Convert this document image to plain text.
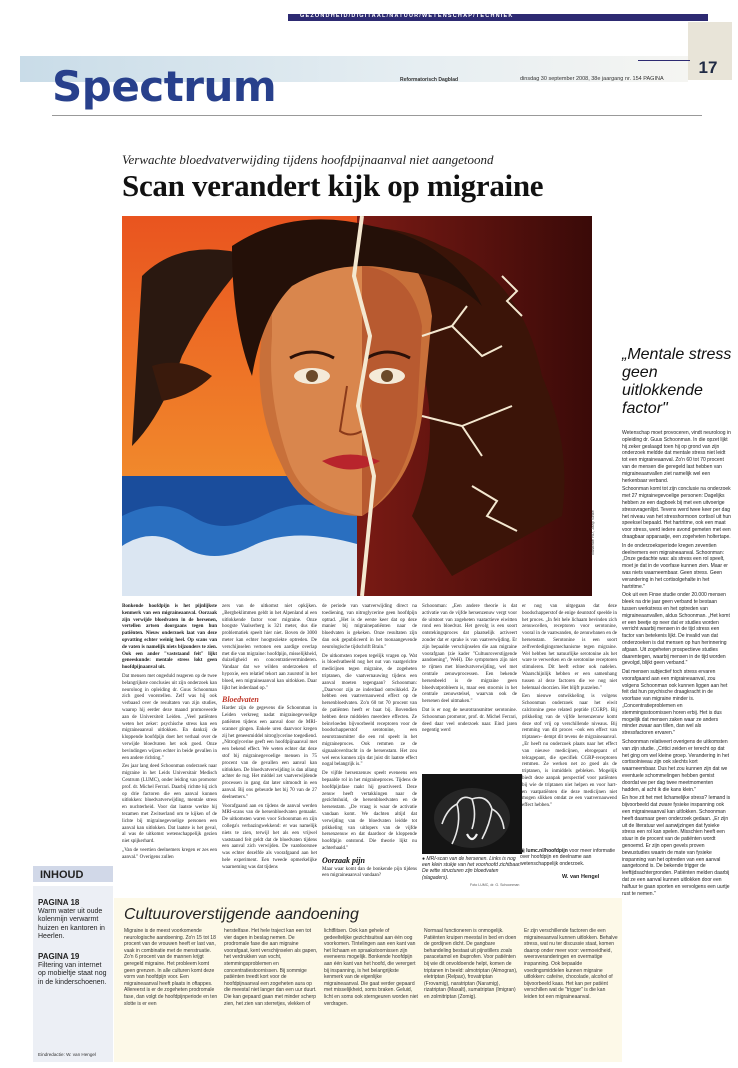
GEZONDHEID/DIGITAAL/NATUUR/WETENSCHAP/TECHNIEK
Spectrum	Reformatorisch Dagblad	dinsdag 30 september 2008, 38e jaargang nr. 154 PAGINA
17
Verwachte bloedvatverwijding tijdens hoofdpijnaanval niet aangetoond
Scan verandert kijk op migraine
Illustratie RD, Jaap Sinke
„Mentale stress geen uitlokkende factor"

Wetenschap moet provoceren, vindt neuroloog in opleiding dr. Guus Schoonman. In die opzet lijkt hij zeker geslaagd toen hij op grond van zijn onderzoek meldde dat mentale stress niet leidt tot een migraineaanval. Zo'n 60 tot 70 procent van de mensen die geregeld last hebben van migraineaanvallen ziet namelijk wel een herkenbaar verband.

Schoonman komt tot zijn conclusie na onderzoek met 27 migrainegevoelige personen: Dagelijks hebben ze een dagboek bij met een uitvoerige stressvragenlijst. Tevens werd twee keer per dag het niveau van het stresshormoon cortisol uit hun speeksel bepaald. Het hartritme, ook een maat voor stress, werd iedere avond gemeten met een draagbaar apparaatje, een zogeheten holtertape.

In de onderzoeksperiode kregen zeventien deelnemers een migraineaanval. Schoonman: „Onze gedachte was: als stress een rol speelt, moet je dat in de voorfase kunnen zien. Maar er was niets waarneembaar. Geen stress. Geen verandering in het cortisolgehalte in het hartritme."

Ook uit een Finse studie onder 20.000 mensen bleek na drie jaar geen verband te bestaan tussen werkstress en het optreden van migraineaanvallen, aldus Schoonman. „Het komt er een beetje op neer dat er studies worden verricht waarbij mensen in de tijd stress een factor van betekenis lijkt. De invalid van dat onderzoeken is dat mensen op hun herinnering afgaan. Uit zogeheten prospectieve studies daarentegen, waarbij mensen in de tijd worden gevolgd, blijkt geen verband."

Dat mensen subjectief toch stress ervaren voorafgaand aan een migraineaanval, zou volgens Schoonman ook kunnen liggen aan het feit dat hun psychische draagkracht in de voorfase van migraine minder is. „Concentratieproblemen en stemmingsstoornissen horen erbij. Het is dus mogelijk dat mensen zaken waar ze anders minder zwaar aan tillen, dan wel als stressfactoren ervaren."

Schoonman relativeert overigens de uitkomsten van zijn studie. „Critici zeiden er terecht op dat het ging om wel kleine groep. Verandering in het cortisolniveau zijn ook slechts kort waarneembaar. Dus het zou kunnen zijn dat we eventuele schommelingen hebben gemist doordat we per dag twee meetmomenten hadden, al acht ik die kans klein."

En hoe zit het met lichamelijke stress? Iemand is bijvoorbeeld dat zware fysieke inspanning ook een migraineaanval kan uitlokken. Schoonman heeft daarnaar geen onderzoek gedaan. „Er zijn uit de literatuur wel aanwijzingen dat fysieke stress een rol kan spelen. Misschien heeft een stuur in de procent van de patiënten wordt genoemd. Er zijn open gevels proven bewustudies waarin de mate van fysieke inspanning van het optreden van een aanval aangetoond is. De bekende trigger de leeftijdsachtergronden. Patiënten melden daarbij dat ze een aanval kunnen uitlokken door een halfuur te gaan sporten en vervolgens een uurtje rust te nemen."

Bonkende hoofdpijn is het pijnlijkste kenmerk van een migraineaanval. Oorzaak zijn verwijde bloedvaten in de hersenen, vertellen artsen doorgaans tegen hun patiënten. Nieuw onderzoek laat van deze opvatting echter weinig heel. Op scans van de vaten is namelijk niets bijzonders te zien. Ook een ander "vaststaand feit" lijkt geneeskunde: mentale stress lokt geen hoofdpijnaanval uit.

Dat mensen met ongeduld reageren op de twee belangrijkste conclusies uit zijn onderzoek kan neuroloog in opleiding dr. Guus Schoonman zich goed voorstellen. Zelf was hij ook verbaasd over de resultaten van zijn studies, waarop hij eerder deze maand promoveerde aan de Universiteit Leiden. „Veel patiënten weten het zeker: psychische stress kan een migraineaanval uitlokken. En dankzij de kloppende hoofdpijn doet het verhaal over de verwijde bloedvaten het ook goed. Onze bevindingen wijzen echter in beide gevallen in een andere richting."

Zes jaar lang deed Schoonman onderzoek naar migraine in het Leids Universitair Medisch Centrum (LUMC), onder leiding van promotor prof. dr. Michel Ferrari. Daarbij richtte hij zich op drie factoren die een aanval kunnen uitlokken: bloedvatverwijding, mentale stress en nuchterheid. Voor dat laatste werkte hij tezamen met Zwitserland om te kijken of de lichte bij migrainegevoelige personen een aanval kan uitlokken. Dat laatste is het geval, al was de uitkomst wetenschappelijk gezien niet spijkerhard.

„Van de veertien deelnemers kregen er zes een aanval." Overigens zullen

zers van de uitkomst niet opkijken. „Bergbeklimmen geldt in het Alpenland al een uitlokkende factor voor migraine. Onze hoogste Vaalserberg is 321 meter, dus die problematiek speelt hier niet. Boven de 3000 meter kan echter hoogteziekte optreden. De verschijnselen vertonen een aardige overlap met die van migraine: hoofdpijn, misselijkheid, duizeligheid en concentratieverminderen. Vandaar dat we wilden onderzoeken of hypoxie, een relatief tekort aan zuurstof in het bloed, een migraineaanval kan uitlokken. Daar lijkt het inderdaad op."

Bloedvaten

Harder zijn de gegevens die Schoonman in Leiden verkreeg nadat migrainegevoelige patiënten tijdens een aanval door de MRI-scanner gingen. Enkele uren daarvoor kregen zij het geneesmiddel nitroglycerine toegediend. „Nitroglycerine geeft een hoofdpijnaanval met een bekend effect. We weten echter dat deze stof bij migrainegevoelige mensen in 75 procent van de gevallen een aanval kan uitlokken. De bloedvatverwijding is dan allang achter de rug. Het middel zet vaatverwijdende processen in gang dat later uitmondt in een aanval. Bij ons gebeurde het bij 70 van de 27 deelnemers."

Voorafgaand aan en tijdens de aanval werden MRI-scans van de hersenbloedvaten gemaakt. De uitkomsten waren voor Schoonman en zijn collega's verbazingwekkend: er was namelijk niets te zien, terwijl het als een vrijwel vaststaand feit geldt dat de bloedvaten tijdens een aanval zich verwijden. De vaatdoorsnee was echter dezelfde als voorafgaand aan het hele experiment. Een tweede opmerkelijke waarneming was dat tijdens

de periode van vaatverwijding direct na toediening, van nitroglycerine geen hoofdpijn optrad. „Het is de eerste keer dat op deze manier bij migrainepatiënten naar de bloedvaten is gekeken. Onze resultaten zijn dan ook gepubliceerd in het toonaangevende neurologische tijdschrift Brain."

De uitkomsten roepen tegelijk vragen op. Wat is bloedvatbeeld nog het nut van vaatgerichte medicijnen tegen migraine, de zogeheten triptanen, die vaatvernauwing tijdens een aanval moeten tegengaan? Schoonman: „Daarvoor zijn ze inderdaad ontwikkeld. Ze hebben een vaatvernauwend effect op de hersenbloedvaten. Zo'n 60 tot 70 procent van de patiënten heeft er baat bij. Bovendien hebben deze middelen meerdere effecten. Ze beïnvloeden bijvoorbeeld receptoren voor de boodschapperstof serotonine, een neurotransmitter die een rol speelt in het migraineproces. Ook remmen ze de signaaloverdracht in de hersenstam. Het zou wel eens kunnen zijn dat juist dit laatste effect nogal belangrijk is."

De vijfde hersenzenuw speelt eveneens een bepaalde rol in het migraineproces. Tijdens de hoofdpijnfase raakt hij geactiveerd. Deze zenuw heeft vertakkingen naar de gezichtshuid, de hersenbloedvaten en de hersenstam. „De vraag is waar de activatie vandaan komt. We dachten altijd dat verwijding van de bloedvaten leidde tot prikkeling van uitlopers van de vijfde hersenzenuw en dat daardoor de kloppende hoofdpijn ontstond. Die theorie lijkt nu achterhaald."

Oorzaak pijn

Maar waar komt dan de bonkende pijn tijdens een migraineaanval vandaan?

Schoonman: „Een andere theorie is dat activatie van de vijfde hersenzenuw vergt voor de uitstoot van zogeheten vaatactieve eiwitten rond een bloedvat. Het gevolg is een soort ontstekingsproces dat plaatselijk activeert zonder dat er sprake is van vaatverwijding. Er zijn bepaalde verschijnselen die aan migraine voorafgaan (zie kader "Cultuuroverstijgende aandoening", WeH). Die symptomen zijn niet te rijmen met bloedvatverwijding, wel met centrale zenuwprocessen. Een bekende hersenbeeld is de migraine geen bloedvatprobleem is, maar een stoornis in het centrale zenuwstelsel, waarvan ook de hersenen deel uitmaken."

Dat is er nog de neurotransmitter serotonine. Schoonman promotor, prof. dr. Michel Ferrari, deed daar veel onderzoek naar. Eind jaren negentig werd

er nog van uitgegaan dat deze boodschapperstof de enige deuntstof speelde in het proces. „In feit hele lichaam bevinden zich zenuwcellen, receptoren voor serotonine, vooral in de vaatwanden, de zenuwbanen en de hersenstam. Serotonine is een soort zelfverdedigingsmechanisme tegen migraine. Wel hebben het natuurlijke serotonine als het ware te verwerken en de serotonine receptoren stimuleren. Dit heeft echter ook nadelen. Waarschijnlijk hebben er een samenhang tussen al deze factoren die we nog niet helemaal doorzien. Het blijft puzzelen."

Een nieuwe ontwikkeling is volgens Schoonman onderzoek naar het eiwit calcitonine gene related peptide (CGRP). Bij prikkeling van de vijfde hersenzenuw komt deze stof vrij op verschillende niveaus. Bij remming van dit proces –ook een effect van triptanen– dempt dit tevens de migraineaanval. „Er heeft nu onderzoek plaats naar het effect van nieuwe medicijnen, ebrogepant of telcagepant, die specifiek CGRP-receptoren remmen. Ze werken net zo goed als de triptanen, is inmiddels gebleken. Mogelijk biedt deze aanpak perspectief voor patiënten bij wie de triptanen niet helpen en voor hart- en vaatpatiënten die deze medicijnen niet mogen slikken omdat ze een vaatvernauwend effect hebben."

● MRI-scan van de hersenen. Links is nog een klein stukje van het voorhoofd zichtbaar. De witte structuren zijn bloedvaten (slagaders).
Foto LUMC, dr. G. Schoonman
▣ lumc.nl/hoofdpijn voor meer informatie over hoofdpijn en deelname aan wetenschappelijk onderzoek.
W. van Hengel
INHOUD
PAGINA 18
Warm water uit oude kolenmijn verwarmt huizen en kantoren in Heerlen.
PAGINA 19
Filtering van internet op mobieltje staat nog in de kinderschoenen.
Eindredactie: W. van Hengel
Cultuuroverstijgende aandoening
Migraine is de meest voorkomende neurologische aandoening. Zo'n 15 tot 18 procent van de vrouwen heeft er last van, vaak in combinatie met de menstruatie. Zo'n 6 procent van de mannen krijgt geregeld migraine. Het probleem komt geen grenzen. In alle culturen komt deze vorm van hoofdpijn voor. Een migraineaanval heeft plaats in oftappes. Allereerst is er de zogeheten prodromale fase, dan volgt de hoofdpijnperiode en ten slotte is er een
herstelfase. Het hele traject kan een tot vier dagen in beslag nemen. De prodromale fase die aan migraine voorafgaat, kent verschijnselen als gapen, het verdrukken van vocht, stemmingsproblemen en concentratiestoornissen. Bij sommige patiënten treedt kort voor de hoofdpijnaanval een zogeheten aura op die meestal niet langer dan een uur duurt. Die kan gepaard gaan met minder scherp zien, het zien van sterretjes, vlekken of
lichtflitsen. Ook kan gehele of gedeeltelijke gezichtsuitval aan één oog voorkomen. Tintelingen aan een kant van het lichaam en spraakstoornissen zijn eveneens mogelijk. Bonkende hoofdpijn aan één kant van het hoofd, die verergert bij inspanning, is het belangrijkste kenmerk van de eigenlijke migraineaanval. Die gaat verder gepaard met misselijkheid, soms braken. Geluid, licht en soms ook sterngeuren worden niet verdragen.
Normaal functioneren is onmogelijk. Patiënten kruipen meestal in bed en doen de gordijnen dicht. De gangbare behandeling bestaat uit pijnstillers zoals paracetamol en ibuprofen. Voor patiënten bij wie dit onvoldoende helpt, komen de triptanen in beeld: almotriptan (Almogran), eletriptan (Relpax), frovatriptan (Frovamig), naratriptan (Naramig), rizatriptan (Maxalt), sumatriptan (Imigran) en zolmitriptan (Zomig).
Er zijn verschillende factoren die een migraineaanval kunnen uitlokken. Behalve stress, wat nu ter discussie staat, komen daarop onder meer voor: vermoeidheid, weersveranderingen en overmatige inspanning. Ook bepaalde voedingsmiddelen kunnen migraine uitlokken: cafeïne, chocolade, alcohol of bijvoorbeeld kaas. Het kan per patiënt verschillen wat de "trigger" is die kan leiden tot een migraineaanval.
